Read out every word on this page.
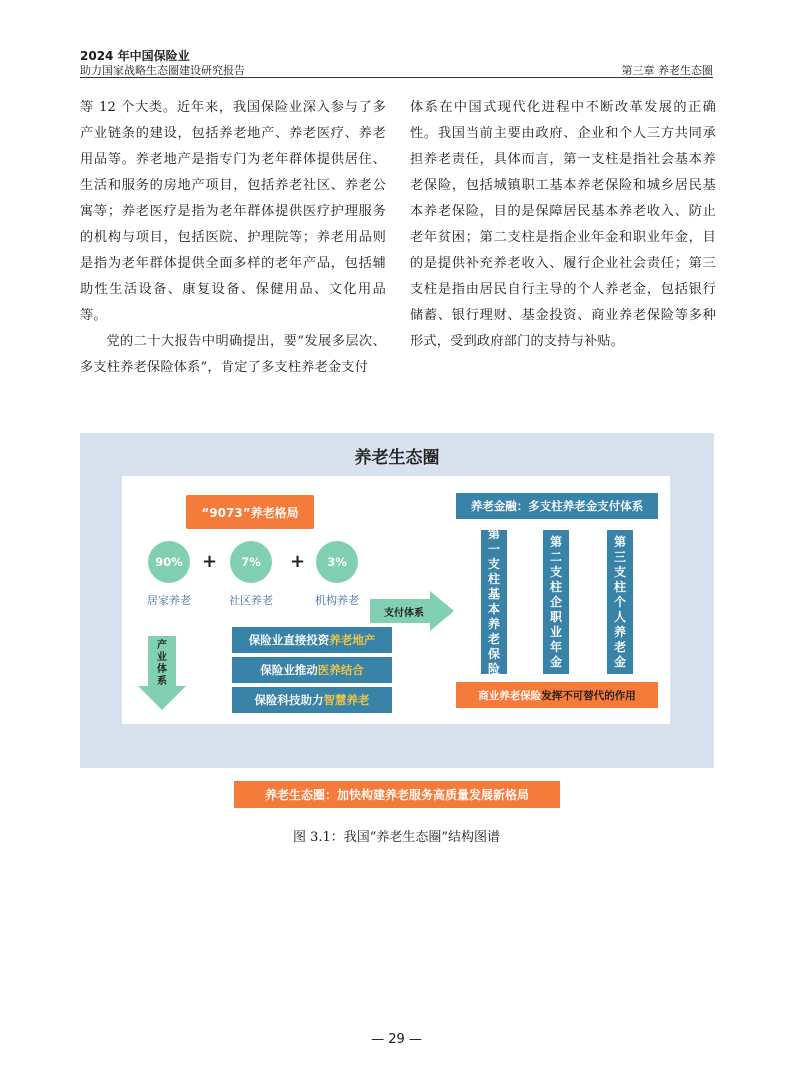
2024 年中国保险业
助力国家战略生态圈建设研究报告	第三章 养老生态圈

等 12 个大类。近年来，我国保险业深入参与了多产业链条的建设，包括养老地产、养老医疗、养老用品等。养老地产是指专门为老年群体提供居住、生活和服务的房地产项目，包括养老社区、养老公寓等；养老医疗是指为老年群体提供医疗护理服务的机构与项目，包括医院、护理院等；养老用品则是指为老年群体提供全面多样的老年产品，包括辅助性生活设备、康复设备、保健用品、文化用品等。

党的二十大报告中明确提出，要“发展多层次、多支柱养老保险体系”，肯定了多支柱养老金支付

体系在中国式现代化进程中不断改革发展的正确性。我国当前主要由政府、企业和个人三方共同承担养老责任，具体而言，第一支柱是指社会基本养老保险，包括城镇职工基本养老保险和城乡居民基本养老保险，目的是保障居民基本养老收入、防止老年贫困；第二支柱是指企业年金和职业年金，目的是提供补充养老收入、履行企业社会责任；第三支柱是指由居民自行主导的个人养老金，包括银行储蓄、银行理财、基金投资、商业养老保险等多种形式，受到政府部门的支持与补贴。

养老生态圈
“9073”养老格局
90%	+	7%	+	3%
居家养老	社区养老	机构养老
支付体系
产
业
体
系
保险业直接投资 养老地产
保险业推动 医养结合
保险科技助力 智慧养老
养老金融：多支柱养老金支付体系
第
一
支
柱
基
本
养
老
保
险
第
二
支
柱
企
职
业
年
金
第
三
支
柱
个
人
养
老
金
商业养老保险 发挥不可替代的作用
养老生态圈：加快构建养老服务高质量发展新格局
图 3.1：我国“养老生态圈”结构图谱
— 29 —
